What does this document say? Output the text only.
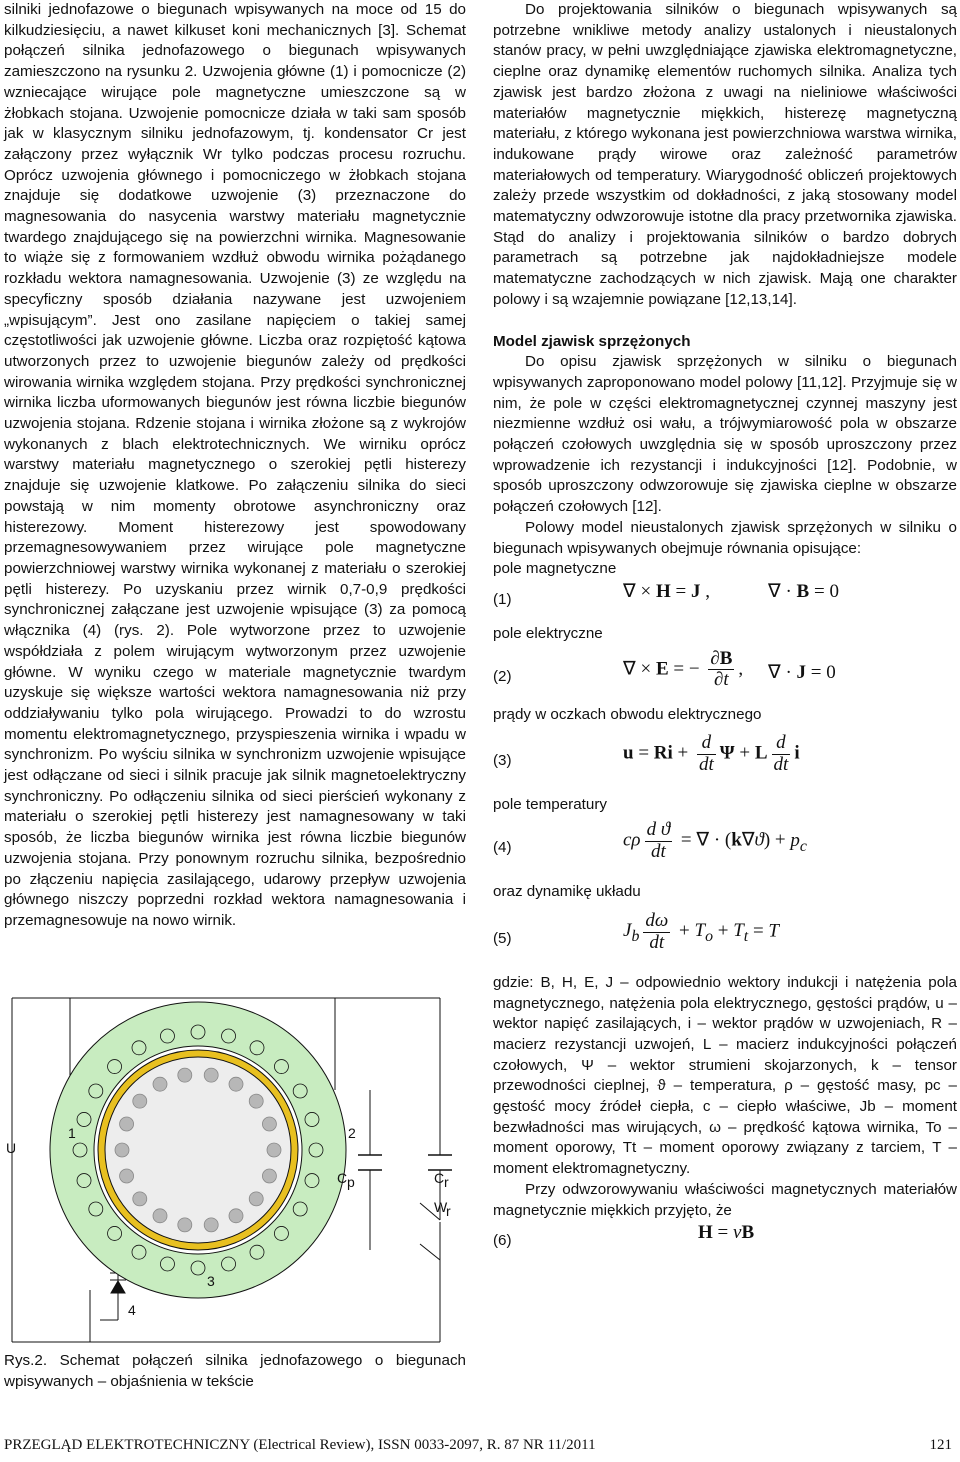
silniki jednofazowe o biegunach wpisywanych na moce od 15 do kilkudziesięciu, a nawet kilkuset koni mechanicznych [3]. Schemat połączeń silnika jednofazowego o biegunach wpisywanych zamieszczono na rysunku 2. Uzwojenia główne (1) i pomocnicze (2) wzniecające wirujące pole magnetyczne umieszczone są w żłobkach stojana. Uzwojenie pomocnicze działa w taki sam sposób jak w klasycznym silniku jednofazowym, tj. kondensator Cr jest załączony przez wyłącznik Wr tylko podczas procesu rozruchu. Oprócz uzwojenia głównego i pomocniczego w żłobkach stojana znajduje się dodatkowe uzwojenie (3) przeznaczone do magnesowania do nasycenia warstwy materiału magnetycznie twardego znajdującego się na powierzchni wirnika. Magnesowanie to wiąże się z formowaniem wzdłuż obwodu wirnika pożądanego rozkładu wektora namagnesowania. Uzwojenie (3) ze względu na specyficzny sposób działania nazywane jest uzwojeniem „wpisującym”. Jest ono zasilane napięciem o takiej samej częstotliwości jak uzwojenie główne. Liczba oraz rozpiętość kątowa utworzonych przez to uzwojenie biegunów zależy od prędkości wirowania wirnika względem stojana. Przy prędkości synchronicznej wirnika liczba uformowanych biegunów jest równa liczbie biegunów uzwojenia stojana. Rdzenie stojana i wirnika złożone są z wykrojów wykonanych z blach elektrotechnicznych. We wirniku oprócz warstwy materiału magnetycznego o szerokiej pętli histerezy znajduje się uzwojenie klatkowe. Po załączeniu silnika do sieci powstają w nim momenty obrotowe asynchroniczny oraz histerezowy. Moment histerezowy jest spowodowany przemagnesowywaniem przez wirujące pole magnetyczne powierzchniowej warstwy wirnika wykonanej z materiału o szerokiej pętli histerezy. Po uzyskaniu przez wirnik 0,7-0,9 prędkości synchronicznej załączane jest uzwojenie wpisujące (3) za pomocą włącznika (4) (rys. 2). Pole wytworzone przez to uzwojenie współdziała z polem wirującym wytworzonym przez uzwojenie główne. W wyniku czego w materiale magnetycznie twardym uzyskuje się większe wartości wektora namagnesowania niż przy oddziaływaniu tylko pola wirującego. Prowadzi to do wzrostu momentu elektromagnetycznego, przyspieszenia wirnika i wpadu w synchronizm. Po wyściu silnika w synchronizm uzwojenie wpisujące jest odłączane od sieci i silnik pracuje jak silnik magnetoelektryczny synchroniczny. Po odłączeniu silnika od sieci pierścień wykonany z materiału o szerokiej pętli histerezy jest namagnesowany w taki sposób, że liczba biegunów wirnika jest równa liczbie biegunów uzwojenia stojana. Przy ponownym rozruchu silnika, bezpośrednio po złączeniu napięcia zasilającego, udarowy przepływ uzwojenia głównego niszczy poprzedni rozkład wektora namagnesowania i przemagnesowuje na nowo wirnik.

U
1	2
3
4
C p	C r
W
r
Rys.2. Schemat połączeń silnika jednofazowego o biegunach wpisywanych – objaśnienia w tekście

Do projektowania silników o biegunach wpisywanych są potrzebne wnikliwe metody analizy ustalonych i nieustalonych stanów pracy, w pełni uwzględniające zjawiska elektromagnetyczne, cieplne oraz dynamikę elementów ruchomych silnika. Analiza tych zjawisk jest bardzo złożona z uwagi na nieliniowe właściwości materiałów magnetycznie miękkich, histerezę magnetyczną materiału, z którego wykonana jest powierzchniowa warstwa wirnika, indukowane prądy wirowe oraz zależność parametrów materiałowych od temperatury. Wiarygodność obliczeń projektowych zależy przede wszystkim od dokładności, z jaką stosowany model matematyczny odwzorowuje istotne dla pracy przetwornika zjawiska. Stąd do analizy i projektowania silników o bardzo dobrych parametrach są potrzebne jak najdokładniejsze modele matematyczne zachodzących w nich zjawisk. Mają one charakter polowy i są wzajemnie powiązane [12,13,14].

Model zjawisk sprzężonych

Do opisu zjawisk sprzężonych w silniku o biegunach wpisywanych zaproponowano model polowy [11,12]. Przyjmuje się w nim, że pole w części elektromagnetycznej czynnej maszyny jest niezmienne wzdłuż osi wału, a trójwymiarowość pola w obszarze połączeń czołowych uwzględnia się w sposób uproszczony przez wprowadzenie ich rezystancji i indukcyjności [12]. Podobnie, w sposób uproszczony odwzorowuje się zjawiska cieplne w obszarze połączeń czołowych [12].

Polowy model nieustalonych zjawisk sprzężonych w silniku o biegunach wpisywanych obejmuje równania opisujące:

pole magnetyczne

(1)	∇ × H = J ,	∇ · B = 0

pole elektryczne

(2)	∇ × E = − $\frac{\partial B}{\partial t}$ , ∇ · J = 0

prądy w oczkach obwodu elektrycznego

(3)	$u = Ri + \frac{d}{dt}$ Ψ + L $\frac{d}{dt}$ i

pole temperatury

(4)	cρ $\frac{\text{d ϑ}}{dt}$ = ∇ · $(k\nabla ϑ) + p_c$

oraz dynamikę układu

(5)	$J_b \frac{d\omega}{dt} + T_o + T_t = T$

gdzie: B, H, E, J – odpowiednio wektory indukcji i natężenia pola magnetycznego, natężenia pola elektrycznego, gęstości prądów, u – wektor napięć zasilających, i – wektor prądów w uzwojeniach, R – macierz rezystancji uzwojeń, L – macierz indukcyjności połączeń czołowych, Ψ – wektor strumieni skojarzonych, k – tensor przewodności cieplnej, ϑ – temperatura, ρ – gęstość masy, pc – gęstość mocy źródeł ciepła, c – ciepło właściwe, Jb – moment bezwładności mas wirujących, ω – prędkość kątowa wirnika, To – moment oporowy, Tt – moment oporowy związany z tarciem, T – moment elektromagnetyczny.

Przy odwzorowywaniu właściwości magnetycznych materiałów magnetycznie miękkich przyjęto, że

(6)	H = νB
PRZEGLĄD ELEKTROTECHNICZNY (Electrical Review), ISSN 0033-2097, R. 87 NR 11/2011	121
